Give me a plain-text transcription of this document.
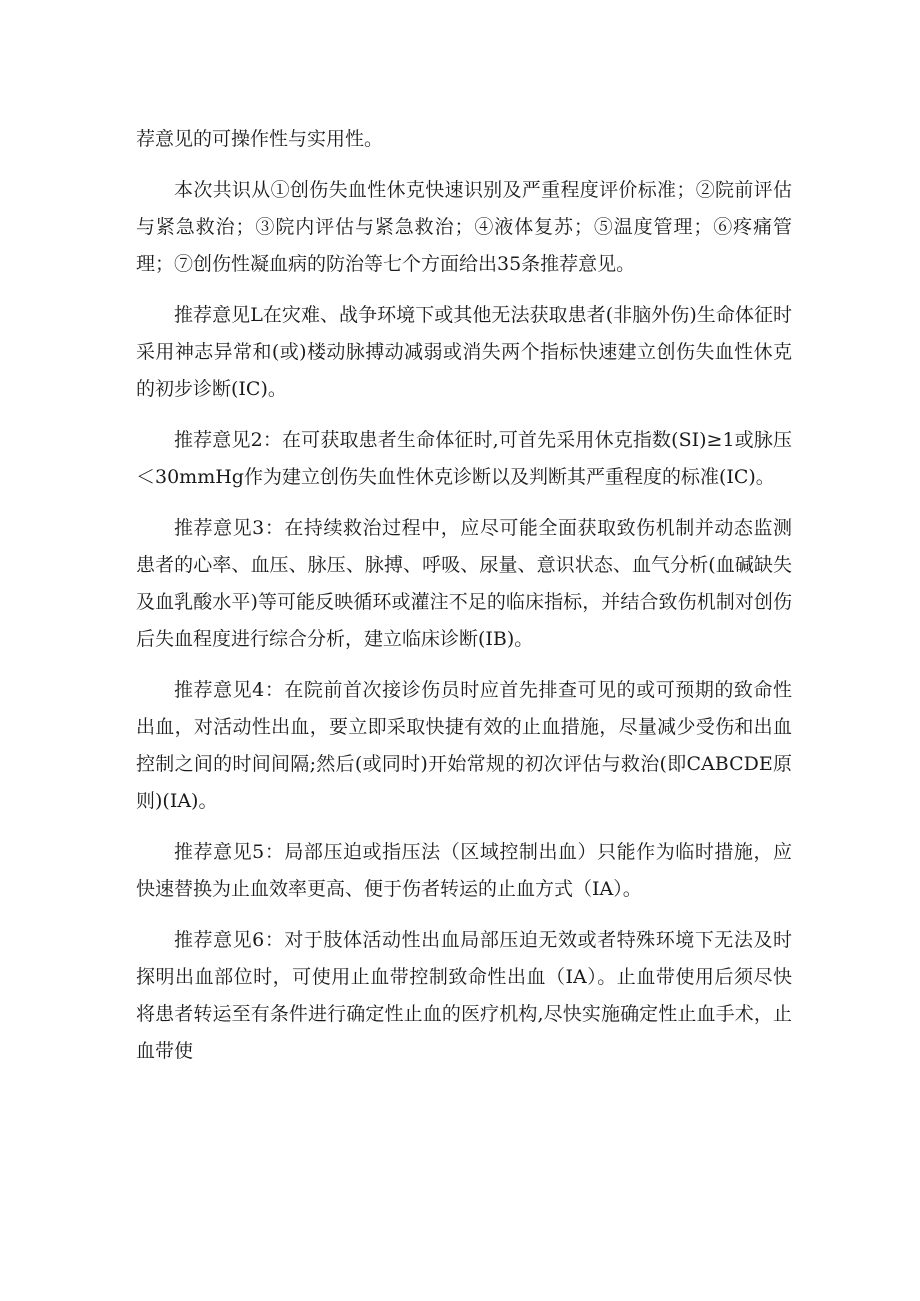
荐意见的可操作性与实用性。

本次共识从①创伤失血性休克快速识别及严重程度评价标准；②院前评估与紧急救治；③院内评估与紧急救治；④液体复苏；⑤温度管理；⑥疼痛管理；⑦创伤性凝血病的防治等七个方面给出35条推荐意见。

推荐意见L在灾难、战争环境下或其他无法获取患者(非脑外伤)生命体征时采用神志异常和(或)楼动脉搏动减弱或消失两个指标快速建立创伤失血性休克的初步诊断(IC)。

推荐意见2：在可获取患者生命体征时,可首先采用休克指数(SI)≥1或脉压＜30mmHg作为建立创伤失血性休克诊断以及判断其严重程度的标准(IC)。

推荐意见3：在持续救治过程中，应尽可能全面获取致伤机制并动态监测患者的心率、血压、脉压、脉搏、呼吸、尿量、意识状态、血气分析(血碱缺失及血乳酸水平)等可能反映循环或灌注不足的临床指标，并结合致伤机制对创伤后失血程度进行综合分析，建立临床诊断(IB)。

推荐意见4：在院前首次接诊伤员时应首先排查可见的或可预期的致命性出血，对活动性出血，要立即采取快捷有效的止血措施，尽量减少受伤和出血控制之间的时间间隔;然后(或同时)开始常规的初次评估与救治(即CABCDE原则)(IA)。

推荐意见5：局部压迫或指压法（区域控制出血）只能作为临时措施，应快速替换为止血效率更高、便于伤者转运的止血方式（IA）。

推荐意见6：对于肢体活动性出血局部压迫无效或者特殊环境下无法及时探明出血部位时，可使用止血带控制致命性出血（IA）。止血带使用后须尽快将患者转运至有条件进行确定性止血的医疗机构,尽快实施确定性止血手术，止血带使
